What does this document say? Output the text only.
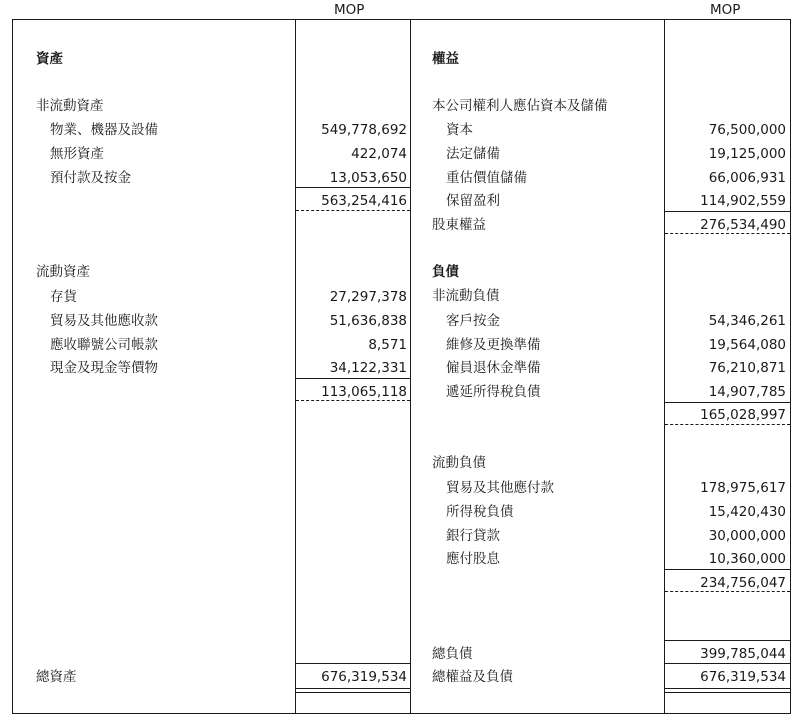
MOP	MOP
資產
非流動資產
物業、機器及設備	549,778,692
無形資產	422,074
預付款及按金	13,053,650
563,254,416
流動資產
存貨	27,297,378
貿易及其他應收款	51,636,838
應收聯號公司帳款	8,571
現金及現金等價物	34,122,331
113,065,118
總資產	676,319,534
權益
本公司權利人應佔資本及儲備
資本	76,500,000
法定儲備	19,125,000
重估價值儲備	66,006,931
保留盈利	114,902,559
股東權益	276,534,490
負債
非流動負債
客戶按金	54,346,261
維修及更換準備	19,564,080
僱員退休金準備	76,210,871
遞延所得稅負債	14,907,785
165,028,997
流動負債
貿易及其他應付款	178,975,617
所得稅負債	15,420,430
銀行貸款	30,000,000
應付股息	10,360,000
234,756,047
總負債	399,785,044
總權益及負債	676,319,534
